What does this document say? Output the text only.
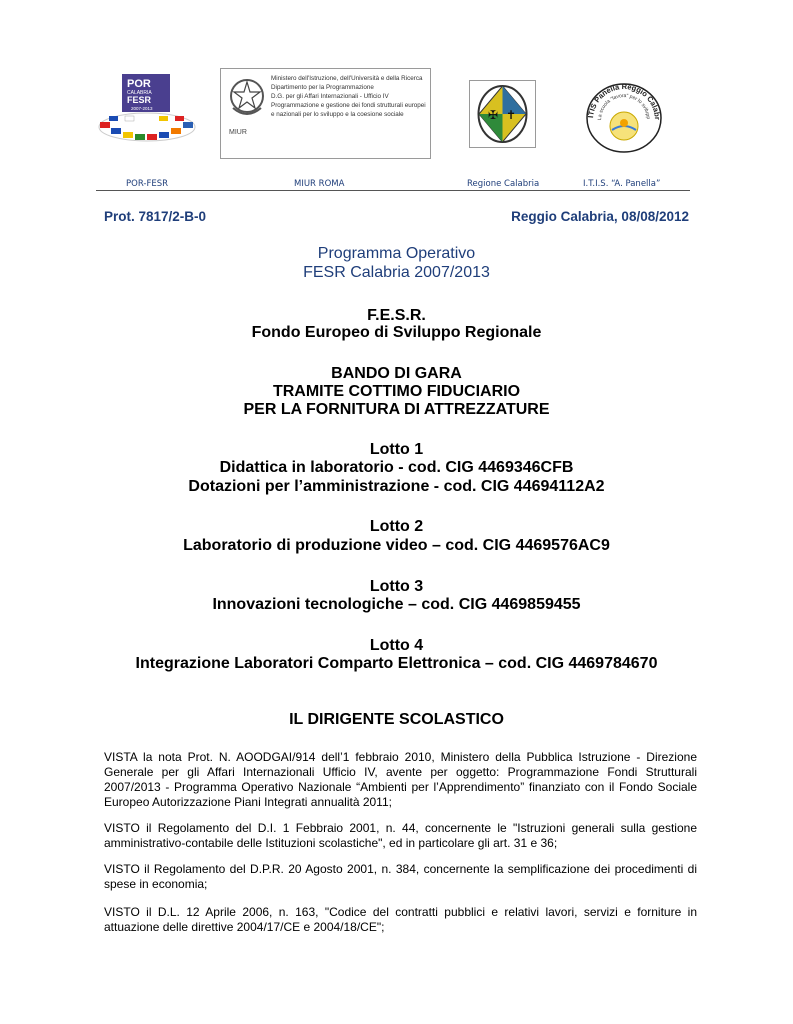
POR
CALABRIA
FESR
2007-2013
Ministero dell'Istruzione, dell'Università e della Ricerca
Dipartimento per la Programmazione
D.G. per gli Affari Internazionali - Ufficio IV
Programmazione e gestione dei fondi strutturali europei
e nazionali per lo sviluppo e la coesione sociale
MIUR
✠ ✝	ITIS Panella Reggio Calabr
La scuola "lavora" per lo svilupp
POR-FESR	MIUR ROMA	Regione Calabria	I.T.I.S. “A. Panella”
Prot. 7817/2-B-0	Reggio Calabria, 08/08/2012
Programma Operativo
FESR Calabria 2007/2013
F.E.S.R.
Fondo Europeo di Sviluppo Regionale
BANDO DI GARA
TRAMITE COTTIMO FIDUCIARIO
PER LA FORNITURA DI ATTREZZATURE
Lotto 1
Didattica in laboratorio - cod. CIG 4469346CFB
Dotazioni per l’amministrazione - cod. CIG 44694112A2
Lotto 2
Laboratorio di produzione video – cod. CIG 4469576AC9
Lotto 3
Innovazioni tecnologiche – cod. CIG 4469859455
Lotto 4
Integrazione Laboratori Comparto Elettronica – cod. CIG 4469784670
IL DIRIGENTE SCOLASTICO
VISTA la nota Prot. N. AOODGAI/914 dell’1 febbraio 2010, Ministero della Pubblica Istruzione - Direzione Generale per gli Affari Internazionali Ufficio IV, avente per oggetto: Programmazione Fondi Strutturali 2007/2013 - Programma Operativo Nazionale “Ambienti per l’Apprendimento” finanziato con il Fondo Sociale Europeo Autorizzazione Piani Integrati annualità 2011;
VISTO il Regolamento del D.I. 1 Febbraio 2001, n. 44, concernente le "Istruzioni generali sulla gestione amministrativo-contabile delle Istituzioni scolastiche", ed in particolare gli art. 31 e 36;
VISTO il Regolamento del D.P.R. 20 Agosto 2001, n. 384, concernente la semplificazione dei procedimenti di spese in economia;
VISTO il D.L. 12 Aprile 2006, n. 163, "Codice del contratti pubblici e relativi lavori, servizi e forniture in attuazione delle direttive 2004/17/CE e 2004/18/CE";
